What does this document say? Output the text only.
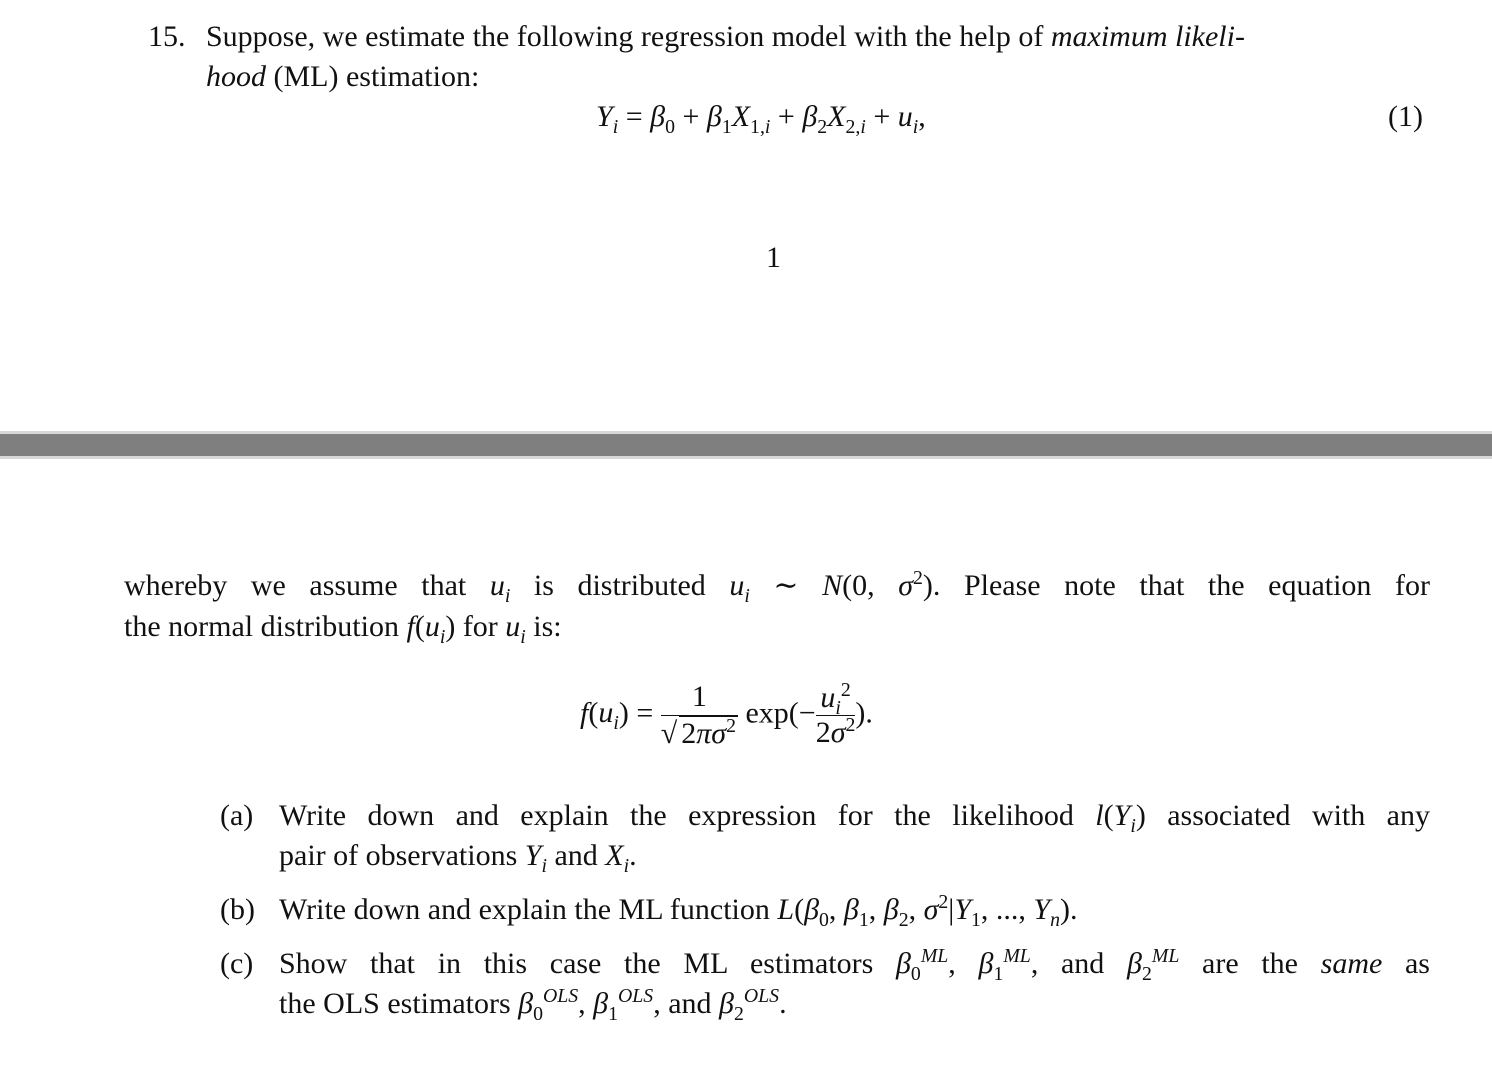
15. Suppose, we estimate the following regression model with the help of maximum likeli-
hood (ML) estimation:
$Y_i = \beta_0 + \beta_1X_{1,i} + \beta_2X_{2,i} + u_i$,	(1)
1
whereby we assume that $u_i$ is distributed $u_i$ ∼ N(0, $\sigma^2$). Please note that the equation for
the normal distribution $f(u_i)$ for $u_i$ is:
$f(u_i) = \frac{1}{√ 2\pi\sigma^2} \exp(- \frac{u_i^2}{2\sigma^2}$ ).
(a) Write down and explain the expression for the likelihood $l(Y_i)$ associated with any
pair of observations $Y_i$ and $X_i$.
(b) Write down and explain the ML function $L(\beta_0$, $\beta_1$, $\beta_2$, $\sigma^2|Y_1$, ..., $Y_n$).
(c) Show that in this case the ML estimators $\beta_0^{ML}$, $\beta_1^{ML}$, and $\beta_2^{ML}$ are the same as
the OLS estimators $\beta_0^{OLS}$, $\beta_1^{OLS}$, and $\beta_2^{OLS}$.
